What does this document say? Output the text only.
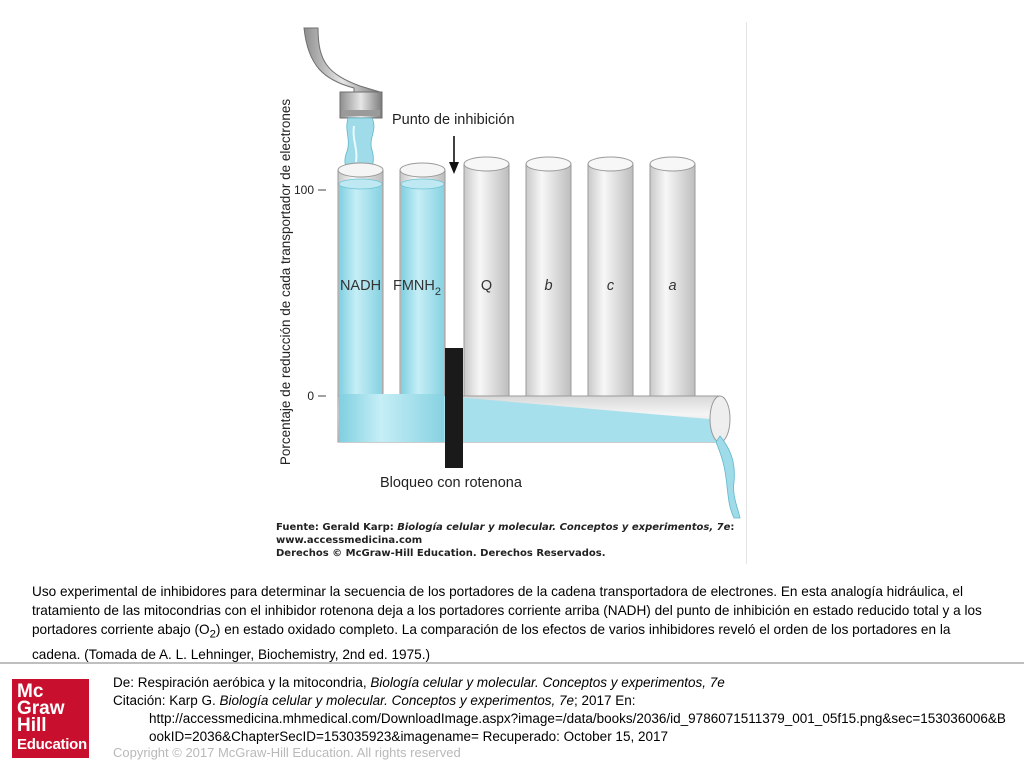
100
0
Porcentaje de reducción de cada transportador de electrones	Punto de inhibición
NADH $FMNH_2$	Q	b	c	a
Bloqueo con rotenona
Fuente: Gerald Karp: Biología celular y molecular. Conceptos y experimentos, 7e:
www.accessmedicina.com
Derechos © McGraw-Hill Education. Derechos Reservados.
Uso experimental de inhibidores para determinar la secuencia de los portadores de la cadena transportadora de electrones. En esta analogía hidráulica, el tratamiento de las mitocondrias con el inhibidor rotenona deja a los portadores corriente arriba (NADH) del punto de inhibición en estado reducido total y a los portadores corriente abajo $(O_2)$ en estado oxidado completo. La comparación de los efectos de varios inhibidores reveló el orden de los portadores en la cadena. (Tomada de A. L. Lehninger, Biochemistry, 2nd ed. 1975.)
Mc
Graw
Hill
Education
De: Respiración aeróbica y la mitocondria, Biología celular y molecular. Conceptos y experimentos, 7e
Citación: Karp G. Biología celular y molecular. Conceptos y experimentos, 7e; 2017 En:
http://accessmedicina.mhmedical.com/DownloadImage.aspx?image=/data/books/2036/id_9786071511379_001_05f15.png&sec=153036006&BookID=2036&ChapterSecID=153035923&imagename= Recuperado: October 15, 2017
Copyright © 2017 McGraw-Hill Education. All rights reserved
